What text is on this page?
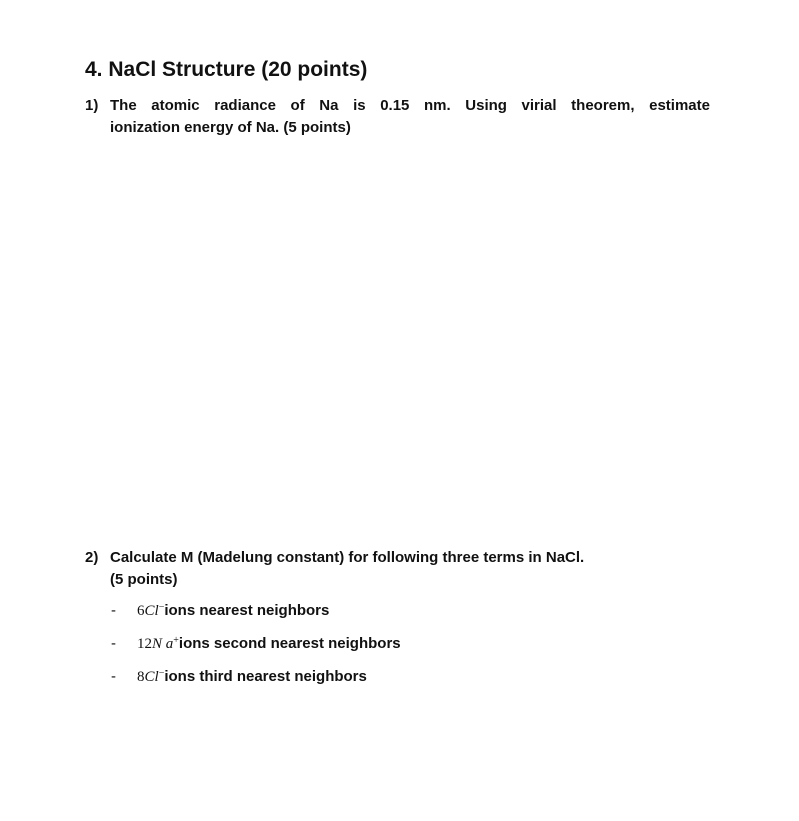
4. NaCl Structure (20 points)
1) The atomic radiance of Na is 0.15 nm. Using virial theorem, estimate
ionization energy of Na. (5 points)
2) Calculate M (Madelung constant) for following three terms in NaCl.
(5 points)
- 6Cl−ions nearest neighbors
- 12N a+ions second nearest neighbors
- 8Cl−ions third nearest neighbors
